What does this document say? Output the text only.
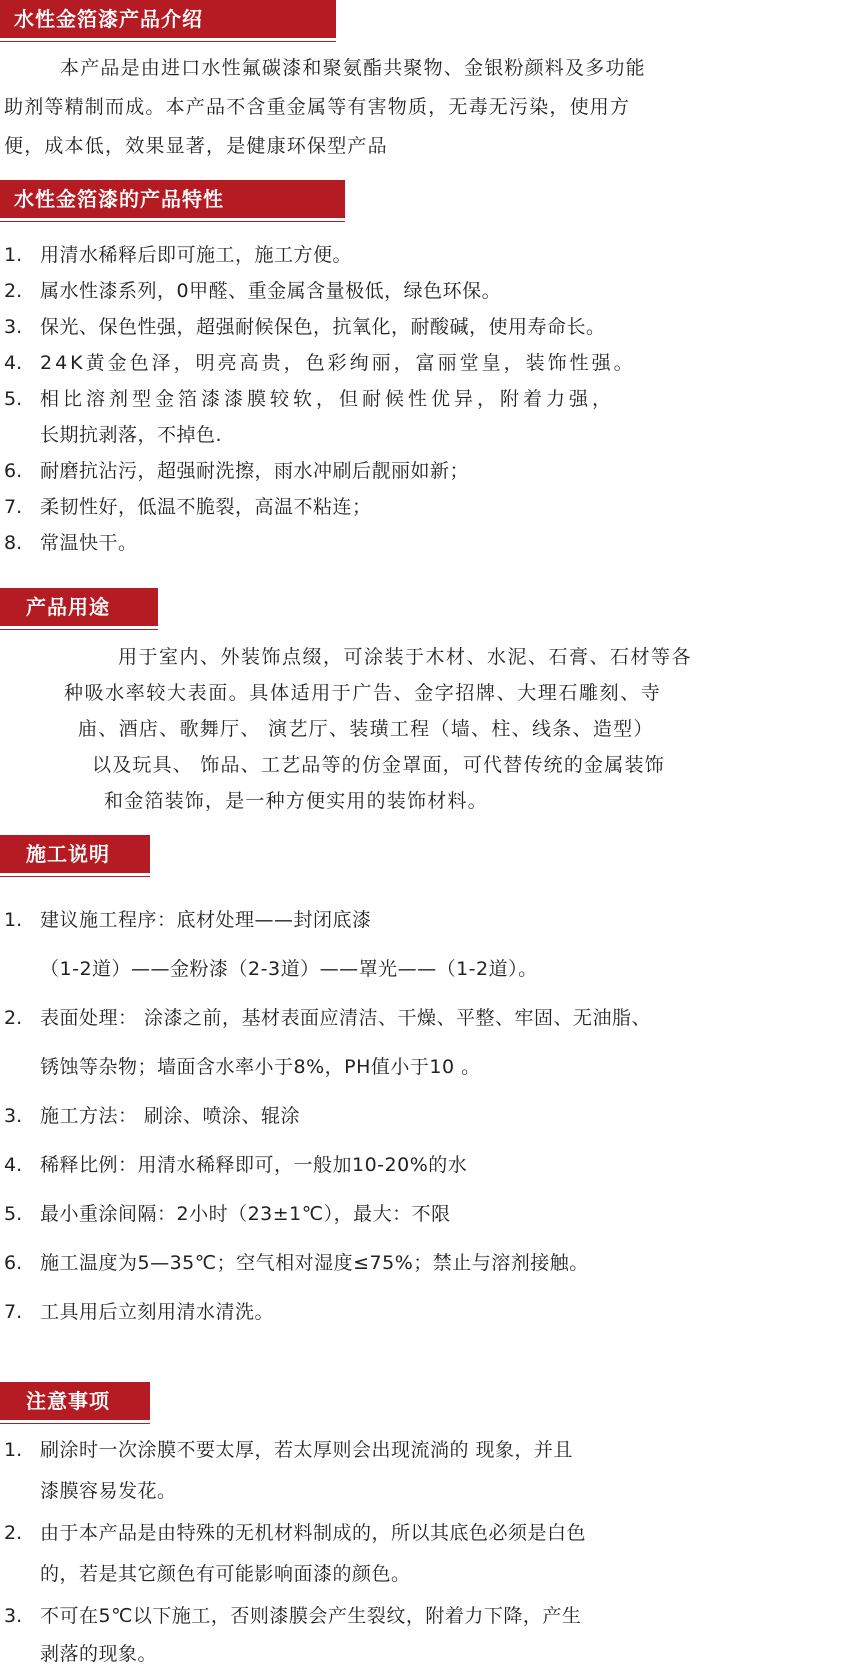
水性金箔漆产品介绍
本产品是由进口水性氟碳漆和聚氨酯共聚物、金银粉颜料及多功能
助剂等精制而成。本产品不含重金属等有害物质，无毒无污染，使用方
便，成本低，效果显著，是健康环保型产品
水性金箔漆的产品特性
1. 用清水稀释后即可施工，施工方便。
2. 属水性漆系列，0甲醛、重金属含量极低，绿色环保。
3. 保光、保色性强，超强耐候保色，抗氧化，耐酸碱，使用寿命长。
4. 24K黄金色泽，明亮高贵，色彩绚丽，富丽堂皇，装饰性强。
5. 相比溶剂型金箔漆漆膜较软，但耐候性优异，附着力强，
长期抗剥落，不掉色.
6. 耐磨抗沾污，超强耐洗擦，雨水冲刷后靓丽如新；
7. 柔韧性好，低温不脆裂，高温不粘连；
8. 常温快干。
产品用途
用于室内、外装饰点缀，可涂装于木材、水泥、石膏、石材等各
种吸水率较大表面。具体适用于广告、金字招牌、大理石雕刻、寺
庙、酒店、歌舞厅、 演艺厅、装璜工程（墙、柱、线条、造型）
以及玩具、 饰品、工艺品等的仿金罩面，可代替传统的金属装饰
和金箔装饰，是一种方便实用的装饰材料。
施工说明
1. 建议施工程序：底材处理——封闭底漆
（1-2道）——金粉漆（2-3道）——罩光——（1-2道）。
2. 表面处理： 涂漆之前，基材表面应清洁、干燥、平整、牢固、无油脂、
锈蚀等杂物；墙面含水率小于8%，PH值小于10 。
3. 施工方法： 刷涂、喷涂、辊涂
4. 稀释比例：用清水稀释即可，一般加10-20%的水
5. 最小重涂间隔：2小时（23±1℃），最大：不限
6. 施工温度为5—35℃；空气相对湿度≤75%；禁止与溶剂接触。
7. 工具用后立刻用清水清洗。
注意事项
1. 刷涂时一次涂膜不要太厚，若太厚则会出现流淌的 现象，并且
漆膜容易发花。
2. 由于本产品是由特殊的无机材料制成的，所以其底色必须是白色
的，若是其它颜色有可能影响面漆的颜色。
3. 不可在5℃以下施工，否则漆膜会产生裂纹，附着力下降，产生
剥落的现象。
